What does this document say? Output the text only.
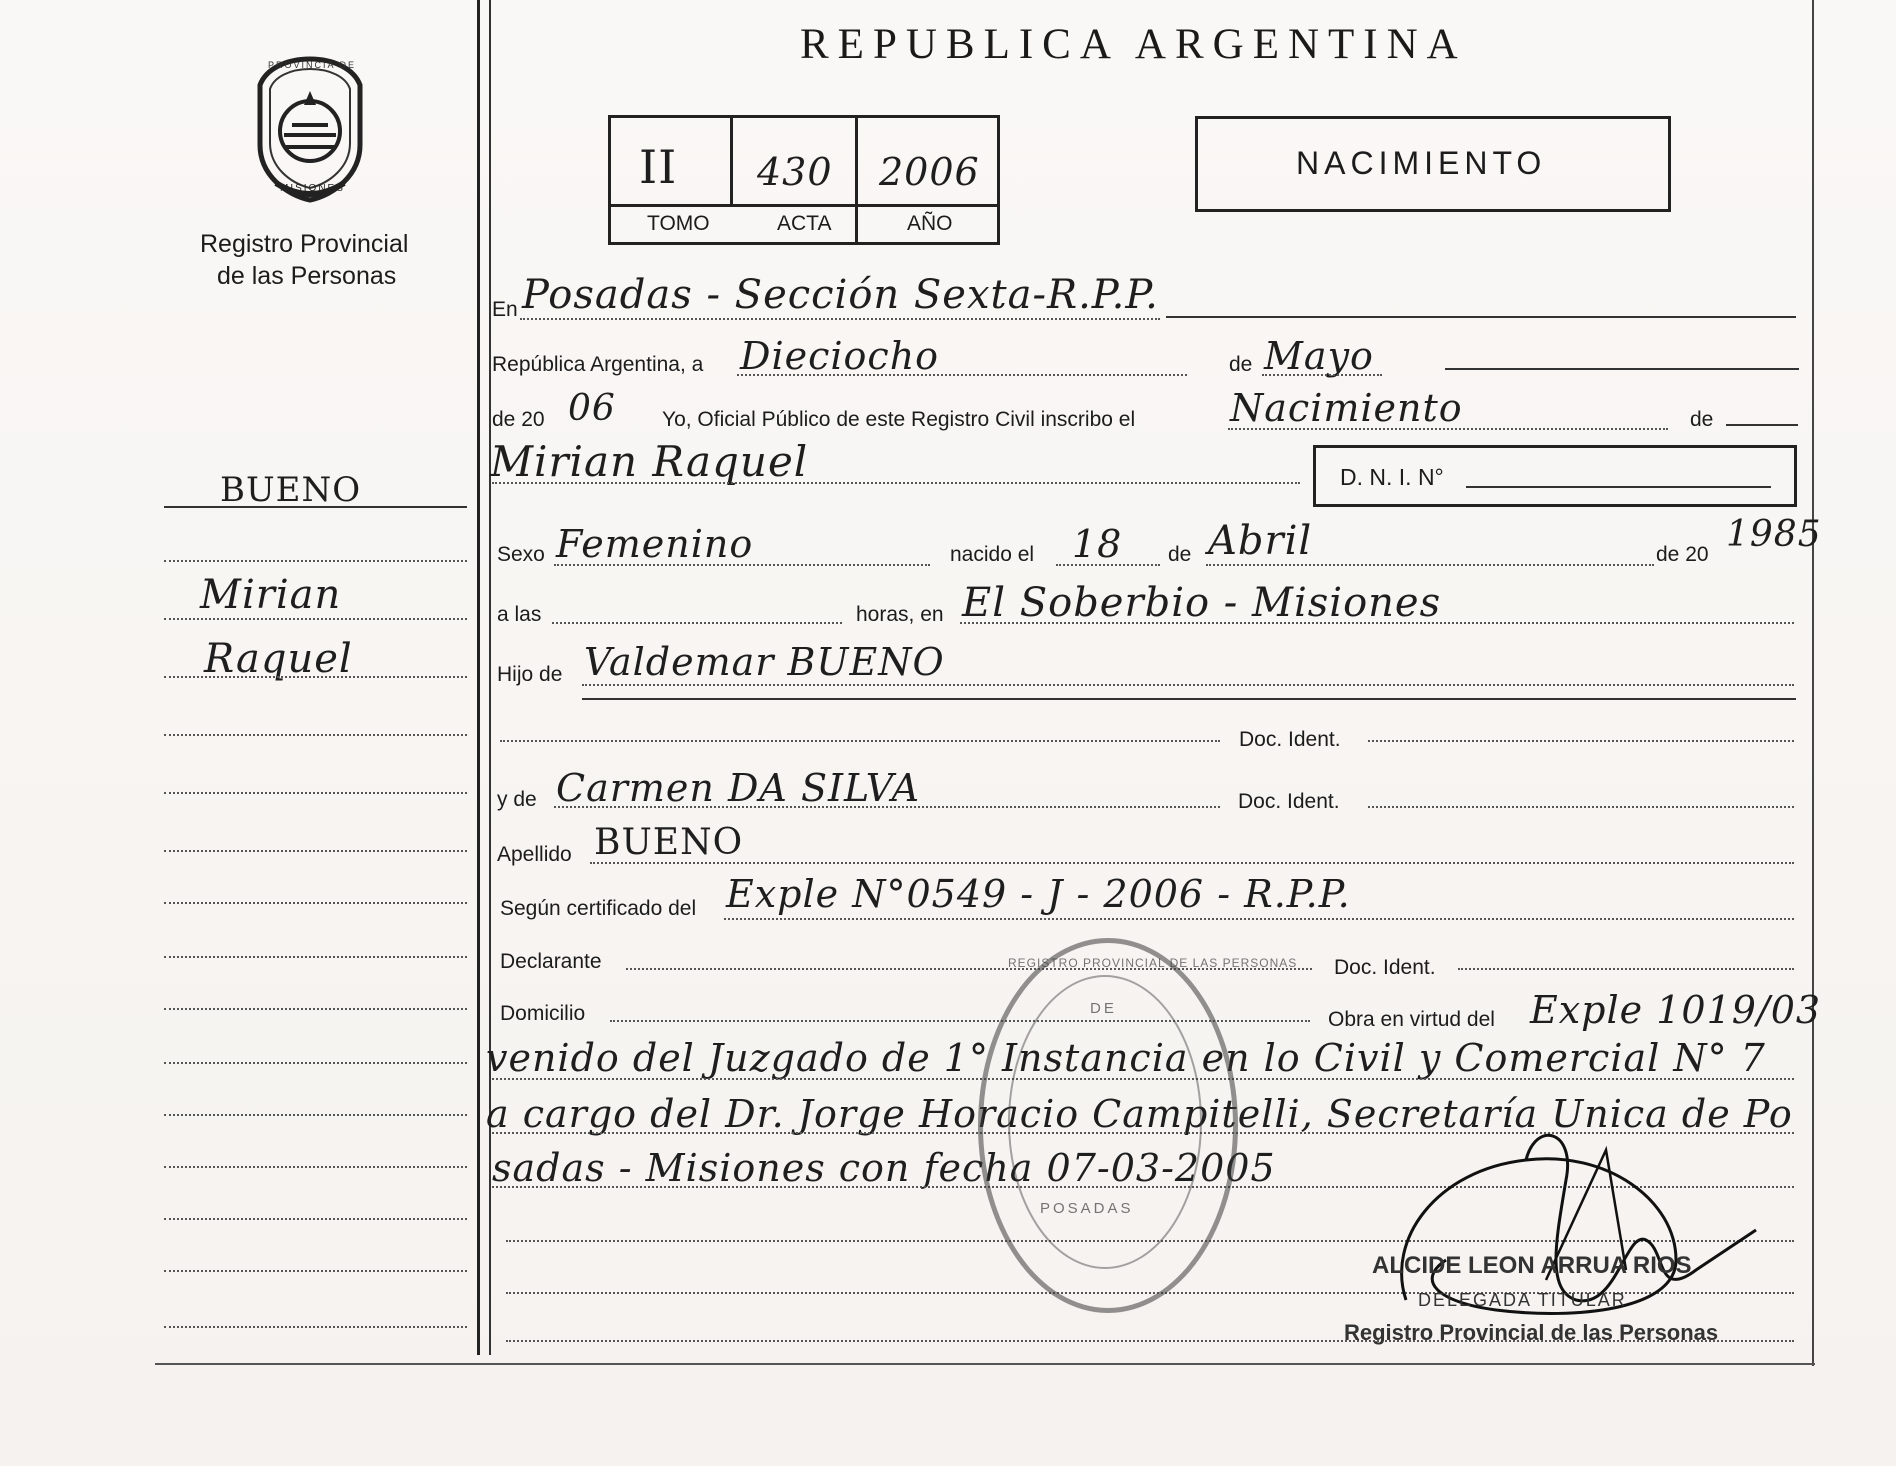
PROVINCIA DE
MISIONES
Registro Provincial
de las Personas
REPUBLICA ARGENTINA
II 430 2006
TOMO	ACTA	AÑO
NACIMIENTO
BUENO
Mirian
Raquel
En Posadas - Sección Sexta-R.P.P.
República Argentina, a Dieciocho	de Mayo
de 20 06 Yo, Oficial Público de este Registro Civil inscribo el Nacimiento	de
Mirian Raquel	D. N. I. N°
Sexo Femenino	nacido el 18 de Abril	de 20 1985
a las	horas, en El Soberbio - Misiones
Hijo de Valdemar BUENO
Doc. Ident.
y de Carmen DA SILVA	Doc. Ident.
Apellido BUENO
Según certificado del Exple N°0549 - J - 2006 - R.P.P.
Declarante	Doc. Ident.
Domicilio	Obra en virtud del Exple 1019/03
venido del Juzgado de 1° Instancia en lo Civil y Comercial N° 7
a cargo del Dr. Jorge Horacio Campitelli, Secretaría Unica de Po
sadas - Misiones con fecha 07-03-2005
REGISTRO PROVINCIAL DE LAS PERSONAS
DE
POSADAS
ALCIDE LEON ARRUA RIOS
DELEGADA TITULAR
Registro Provincial de las Personas
